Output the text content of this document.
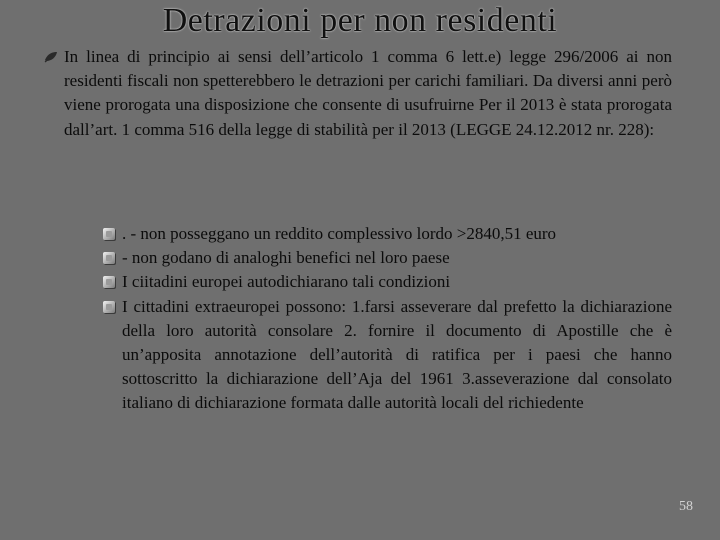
Detrazioni per non residenti
In linea di principio ai sensi dell’articolo 1 comma 6 lett.e) legge 296/2006 ai non residenti fiscali non spetterebbero le detrazioni per carichi familiari. Da diversi anni però viene prorogata una disposizione che consente di usufruirne Per il 2013 è stata prorogata dall’art. 1 comma 516 della legge di stabilità per il 2013 (LEGGE 24.12.2012 nr. 228):
. - non posseggano un reddito complessivo lordo >2840,51 euro
- non godano di analoghi benefici nel loro paese
I ciitadini europei autodichiarano tali condizioni
I cittadini extraeuropei possono: 1.farsi asseverare dal prefetto la dichiarazione della loro autorità consolare 2. fornire il documento di Apostille che è un’apposita annotazione dell’autorità di ratifica per i paesi che hanno sottoscritto la dichiarazione dell’Aja del 1961 3.asseverazione dal consolato italiano di dichiarazione formata dalle autorità locali del richiedente
58
